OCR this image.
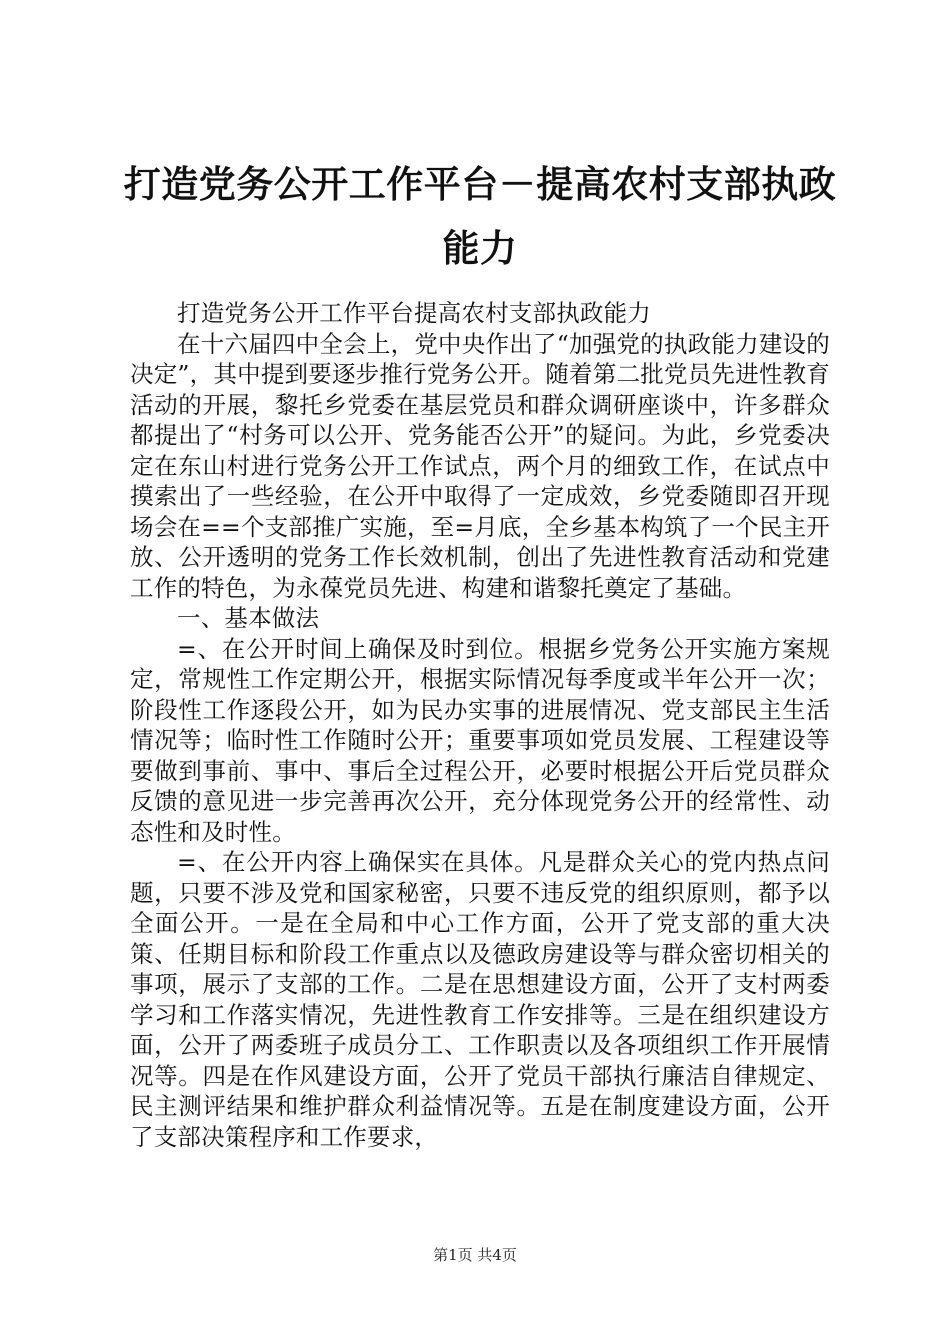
打造党务公开工作平台－提高农村支部执政能力

打造党务公开工作平台提高农村支部执政能力

在十六届四中全会上，党中央作出了“加强党的执政能力建设的决定”，其中提到要逐步推行党务公开。随着第二批党员先进性教育活动的开展，黎托乡党委在基层党员和群众调研座谈中，许多群众都提出了“村务可以公开、党务能否公开”的疑问。为此，乡党委决定在东山村进行党务公开工作试点，两个月的细致工作，在试点中摸索出了一些经验，在公开中取得了一定成效，乡党委随即召开现场会在==个支部推广实施，至=月底，全乡基本构筑了一个民主开放、公开透明的党务工作长效机制，创出了先进性教育活动和党建工作的特色，为永葆党员先进、构建和谐黎托奠定了基础。

一、基本做法

=、在公开时间上确保及时到位。根据乡党务公开实施方案规定，常规性工作定期公开，根据实际情况每季度或半年公开一次；阶段性工作逐段公开，如为民办实事的进展情况、党支部民主生活情况等；临时性工作随时公开；重要事项如党员发展、工程建设等要做到事前、事中、事后全过程公开，必要时根据公开后党员群众反馈的意见进一步完善再次公开，充分体现党务公开的经常性、动态性和及时性。

=、在公开内容上确保实在具体。凡是群众关心的党内热点问题，只要不涉及党和国家秘密，只要不违反党的组织原则，都予以全面公开。一是在全局和中心工作方面，公开了党支部的重大决策、任期目标和阶段工作重点以及德政房建设等与群众密切相关的事项，展示了支部的工作。二是在思想建设方面，公开了支村两委学习和工作落实情况，先进性教育工作安排等。三是在组织建设方面，公开了两委班子成员分工、工作职责以及各项组织工作开展情况等。四是在作风建设方面，公开了党员干部执行廉洁自律规定、民主测评结果和维护群众利益情况等。五是在制度建设方面，公开了支部决策程序和工作要求，

第1页 共4页
